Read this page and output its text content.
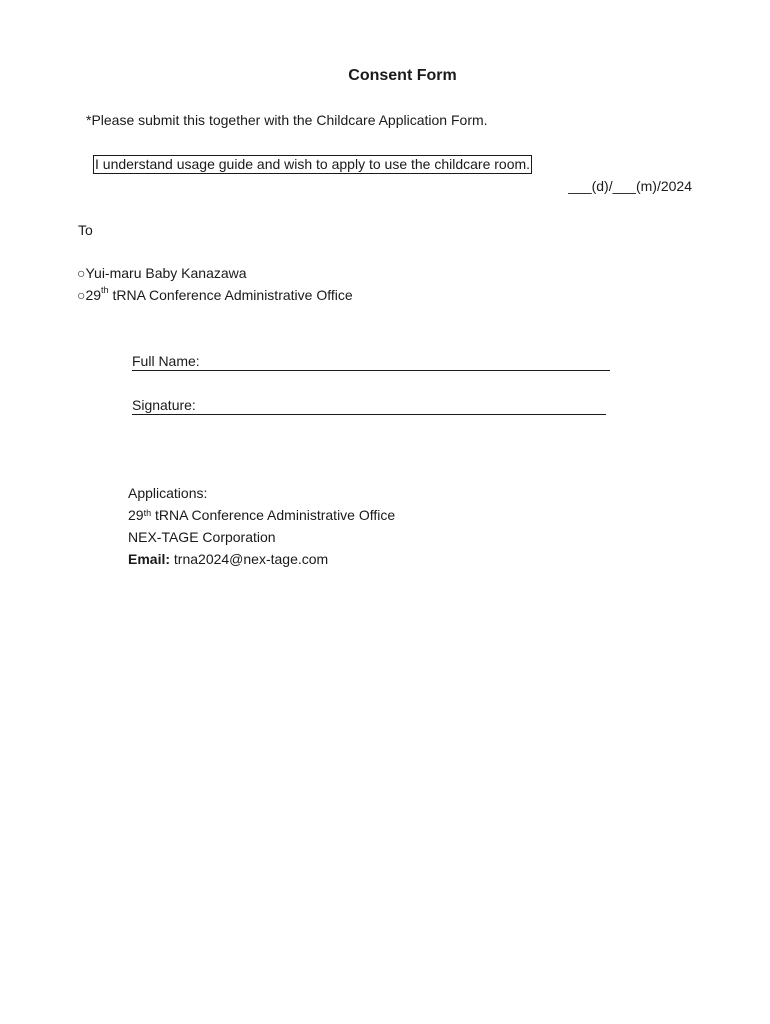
Consent Form
*Please submit this together with the Childcare Application Form.
I understand usage guide and wish to apply to use the childcare room.
___(d)/___(m)/2024
To
○Yui-maru Baby Kanazawa
○29th tRNA Conference Administrative Office
Full Name:
Signature:
Applications:
29th tRNA Conference Administrative Office
NEX-TAGE Corporation
Email: trna2024@nex-tage.com
